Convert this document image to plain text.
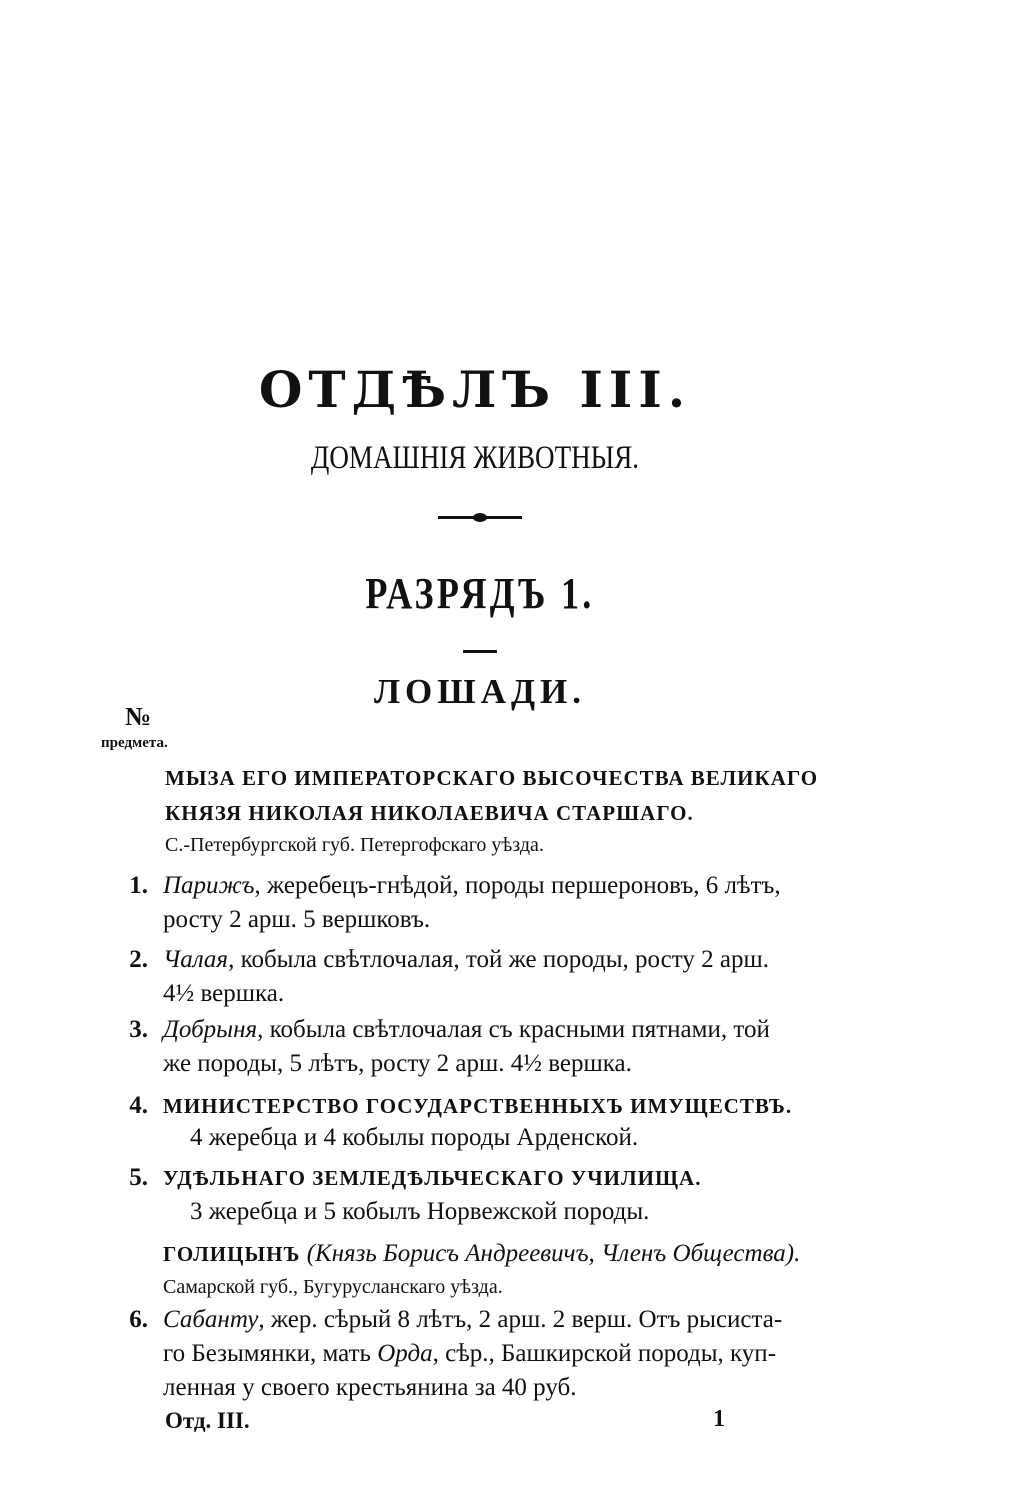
ОТДѢЛЪ III.
ДОМАШНІЯ ЖИВОТНЫЯ.
РАЗРЯДЪ 1.
ЛОШАДИ.
№
предмета.
МЫЗА ЕГО ИМПЕРАТОРСКАГО ВЫСОЧЕСТВА ВЕЛИКАГО
КНЯЗЯ НИКОЛАЯ НИКОЛАЕВИЧА СТАРШАГО.
С.-Петербургской губ. Петергофскаго уѣзда.
1. Парижъ, жеребецъ-гнѣдой, породы першероновъ, 6 лѣтъ,
росту 2 арш. 5 вершковъ.
2. Чалая, кобыла свѣтлочалая, той же породы, росту 2 арш.
4½ вершка.
3. Добрыня, кобыла свѣтлочалая съ красными пятнами, той
же породы, 5 лѣтъ, росту 2 арш. 4½ вершка.
4. МИНИСТЕРСТВО ГОСУДАРСТВЕННЫХЪ ИМУЩЕСТВЪ.
4 жеребца и 4 кобылы породы Арденской.
5. УДѢЛЬНАГО ЗЕМЛЕДѢЛЬЧЕСКАГО УЧИЛИЩА.
3 жеребца и 5 кобылъ Норвежской породы.
ГОЛИЦЫНЪ (Князь Борисъ Андреевичъ, Членъ Общества).
Самарской губ., Бугурусланскаго уѣзда.
6. Сабанту, жер. сѣрый 8 лѣтъ, 2 арш. 2 верш. Отъ рысиста-
го Безымянки, мать Орда, сѣр., Башкирской породы, куп-
ленная у своего крестьянина за 40 руб.
Отд. III.	1
